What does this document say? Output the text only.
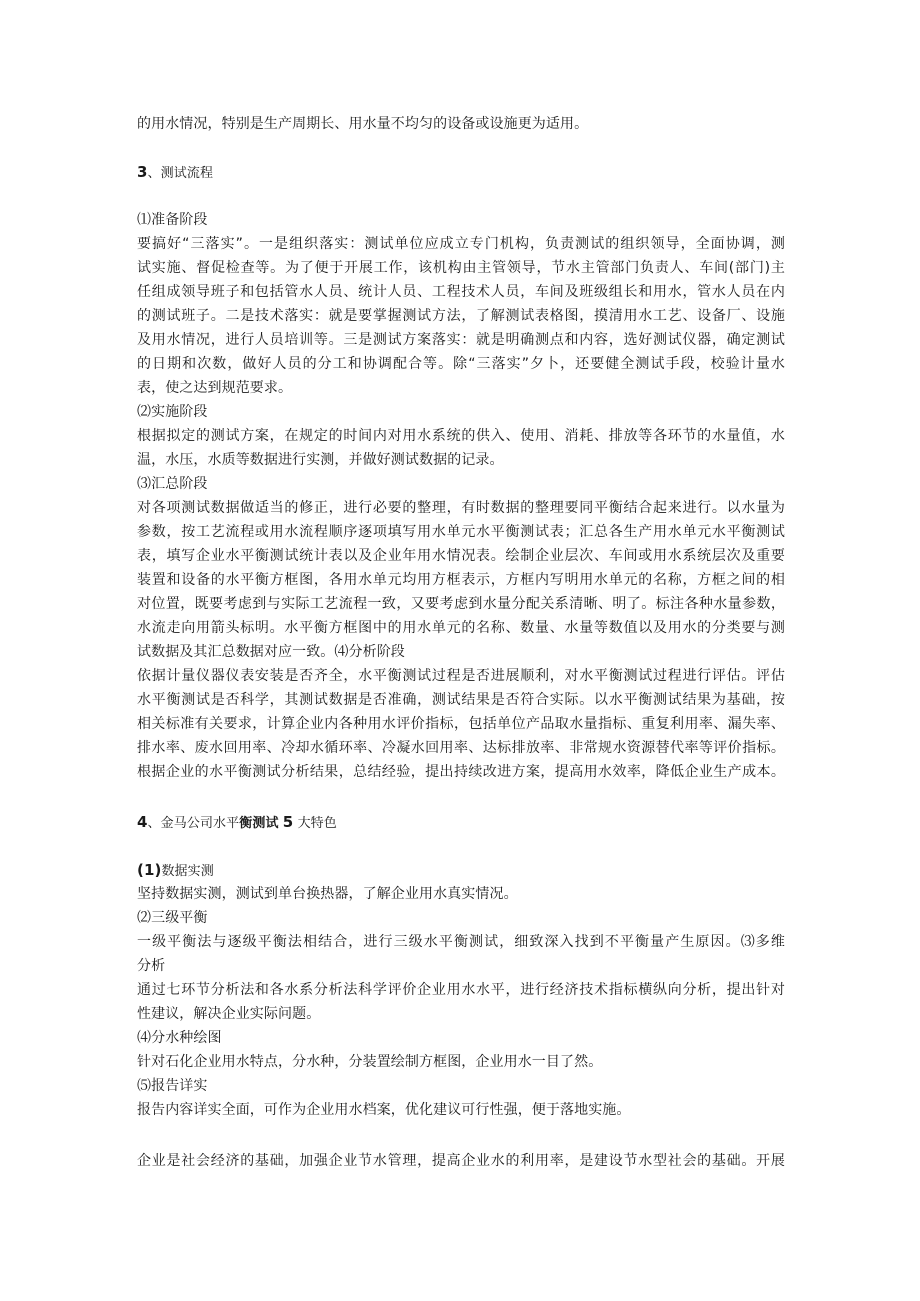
的用水情况，特别是生产周期长、用水量不均匀的设备或设施更为适用。
3、测试流程
⑴准备阶段
要搞好“三落实”。一是组织落实：测试单位应成立专门机构，负责测试的组织领导，全面协调，测
试实施、督促检查等。为了便于开展工作，该机构由主管领导，节水主管部门负责人、车间(部门)主
任组成领导班子和包括管水人员、统计人员、工程技术人员，车间及班级组长和用水，管水人员在内
的测试班子。二是技术落实：就是要掌握测试方法，了解测试表格图，摸清用水工艺、设备厂、设施
及用水情况，进行人员培训等。三是测试方案落实：就是明确测点和内容，选好测试仪器，确定测试
的日期和次数，做好人员的分工和协调配合等。除“三落实”夕卜，还要健全测试手段，校验计量水
表，使之达到规范要求。
⑵实施阶段
根据拟定的测试方案，在规定的时间内对用水系统的供入、使用、消耗、排放等各环节的水量值，水
温，水压，水质等数据进行实测，并做好测试数据的记录。
⑶汇总阶段
对各项测试数据做适当的修正，进行必要的整理，有时数据的整理要同平衡结合起来进行。以水量为
参数，按工艺流程或用水流程顺序逐项填写用水单元水平衡测试表；汇总各生产用水单元水平衡测试
表，填写企业水平衡测试统计表以及企业年用水情况表。绘制企业层次、车间或用水系统层次及重要
装置和设备的水平衡方框图，各用水单元均用方框表示，方框内写明用水单元的名称，方框之间的相
对位置，既要考虑到与实际工艺流程一致，又要考虑到水量分配关系清晰、明了。标注各种水量参数，
水流走向用箭头标明。水平衡方框图中的用水单元的名称、数量、水量等数值以及用水的分类要与测
试数据及其汇总数据对应一致。⑷分析阶段
依据计量仪器仪表安装是否齐全，水平衡测试过程是否进展顺利，对水平衡测试过程进行评估。评估
水平衡测试是否科学，其测试数据是否准确，测试结果是否符合实际。以水平衡测试结果为基础，按
相关标准有关要求，计算企业内各种用水评价指标，包括单位产品取水量指标、重复利用率、漏失率、
排水率、废水回用率、冷却水循环率、冷凝水回用率、达标排放率、非常规水资源替代率等评价指标。
根据企业的水平衡测试分析结果，总结经验，提出持续改进方案，提高用水效率，降低企业生产成本。
4、金马公司水平衡测试 5 大特色
(1)数据实测
坚持数据实测，测试到单台换热器，了解企业用水真实情况。
⑵三级平衡
一级平衡法与逐级平衡法相结合，进行三级水平衡测试，细致深入找到不平衡量产生原因。⑶多维
分析
通过七环节分析法和各水系分析法科学评价企业用水水平，进行经济技术指标横纵向分析，提出针对
性建议，解决企业实际问题。
⑷分水种绘图
针对石化企业用水特点，分水种，分装置绘制方框图，企业用水一目了然。
⑸报告详实
报告内容详实全面，可作为企业用水档案，优化建议可行性强，便于落地实施。
企业是社会经济的基础，加强企业节水管理，提高企业水的利用率，是建设节水型社会的基础。开展
